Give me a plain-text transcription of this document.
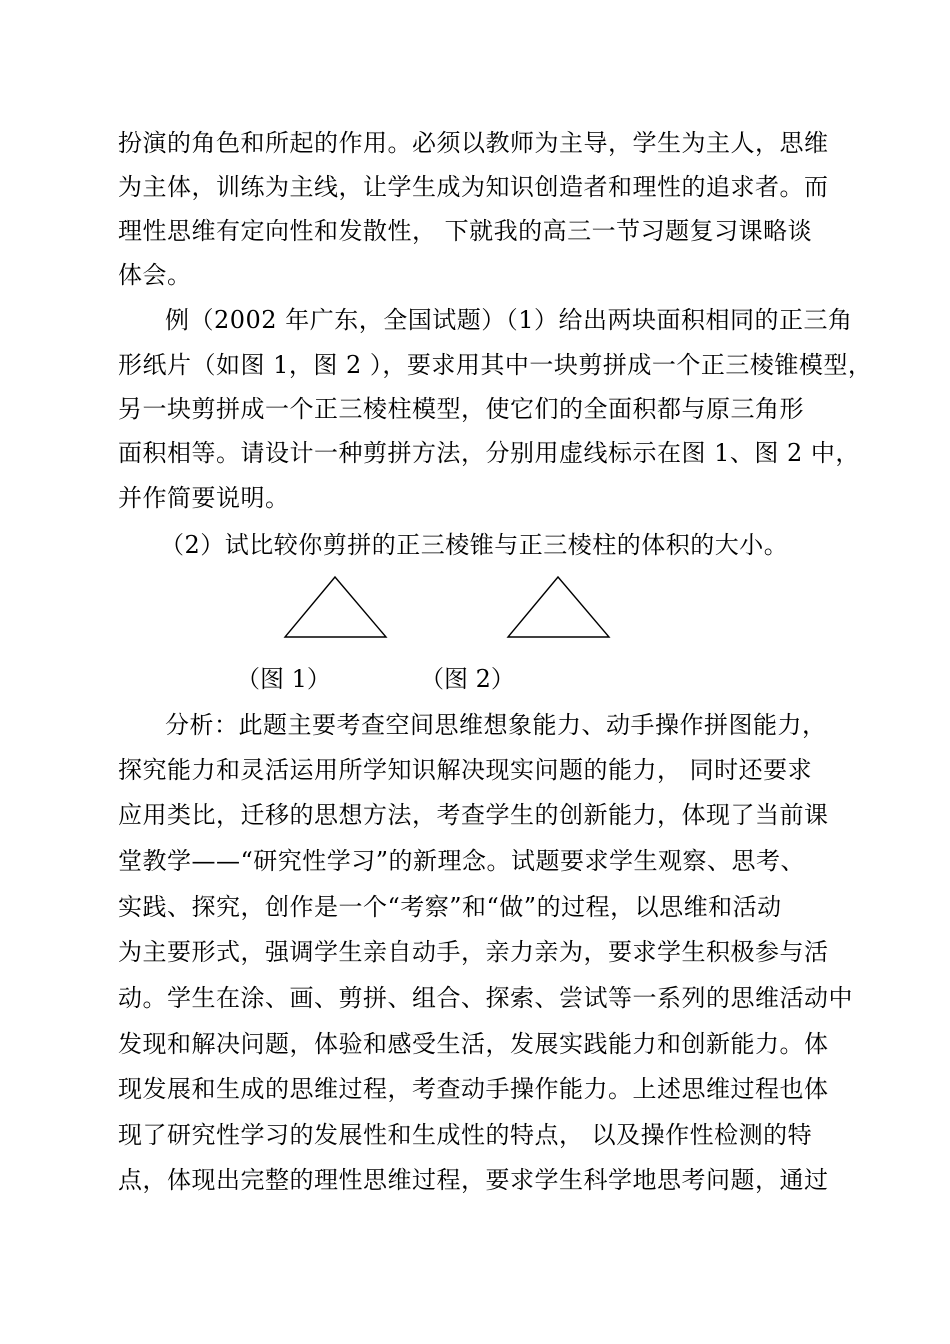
扮演的角色和所起的作用。必须以教师为主导，学生为主人，思维
为主体，训练为主线，让学生成为知识创造者和理性的追求者。而
理性思维有定向性和发散性， 下就我的高三一节习题复习课略谈
体会。
例（2002 年广东，全国试题）（1）给出两块面积相同的正三角
形纸片（如图 1，图 2 ），要求用其中一块剪拼成一个正三棱锥模型，
另一块剪拼成一个正三棱柱模型，使它们的全面积都与原三角形
面积相等。请设计一种剪拼方法，分别用虚线标示在图 1、图 2 中，
并作简要说明。
（2）试比较你剪拼的正三棱锥与正三棱柱的体积的大小。
（图 1）	（图 2）
分析：此题主要考查空间思维想象能力、动手操作拼图能力，
探究能力和灵活运用所学知识解决现实问题的能力， 同时还要求
应用类比，迁移的思想方法，考查学生的创新能力，体现了当前课
堂教学——“研究性学习”的新理念。试题要求学生观察、思考、
实践、探究，创作是一个“考察”和“做”的过程，以思维和活动
为主要形式，强调学生亲自动手，亲力亲为，要求学生积极参与活
动。学生在涂、画、剪拼、组合、探索、尝试等一系列的思维活动中
发现和解决问题，体验和感受生活，发展实践能力和创新能力。体
现发展和生成的思维过程，考查动手操作能力。上述思维过程也体
现了研究性学习的发展性和生成性的特点， 以及操作性检测的特
点，体现出完整的理性思维过程，要求学生科学地思考问题，通过
